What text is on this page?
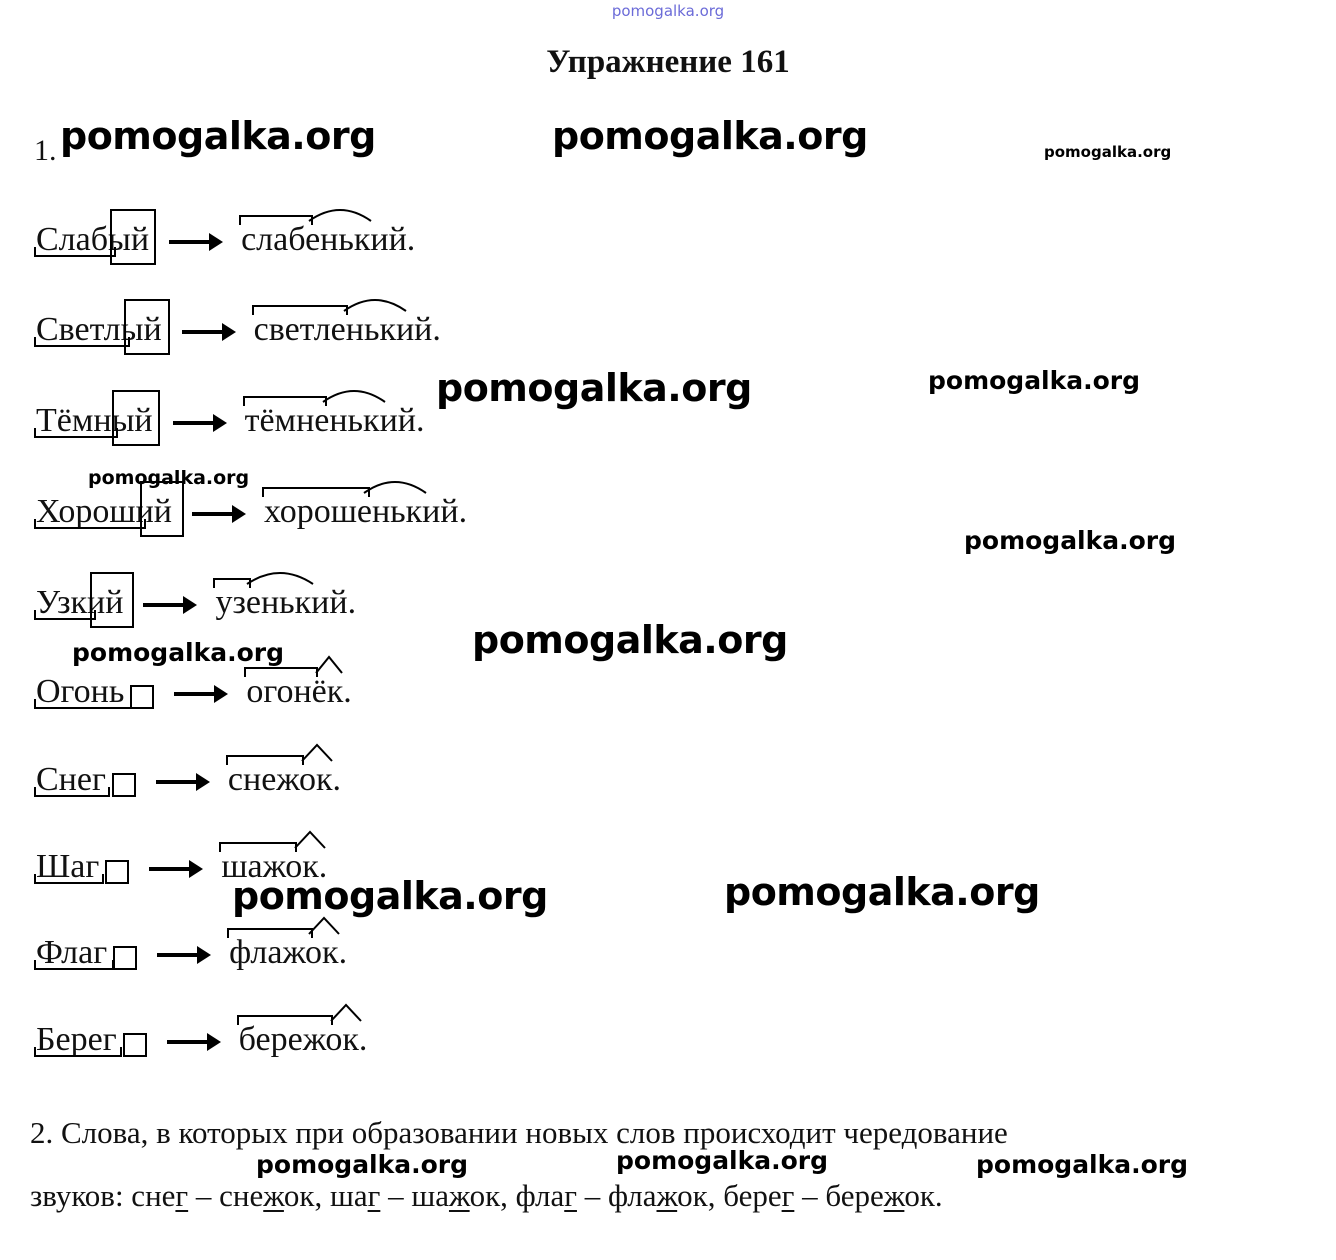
pomogalka.org
Упражнение 161
1. pomogalka.org	pomogalka.org	pomogalka.org
pomogalka.org	pomogalka.org
pomogalka.org
pomogalka.org
pomogalka.org	pomogalka.org
pomogalka.org	pomogalka.org
pomogalka.org	pomogalka.org	pomogalka.org
Слабый	слабенький.
Светлый	светленький.
Тёмный	тёмненький.
Хороший	хорошенький.
Узкий	узенький.
Огонь	огонёк.
Снег	снежок.
Шаг	шажок.
Флаг	флажок.
Берег	бережок.
2. Слова, в которых при образовании новых слов происходит чередование
звуков: снег – снежок, шаг – шажок, флаг – флажок, берег – бережок.
